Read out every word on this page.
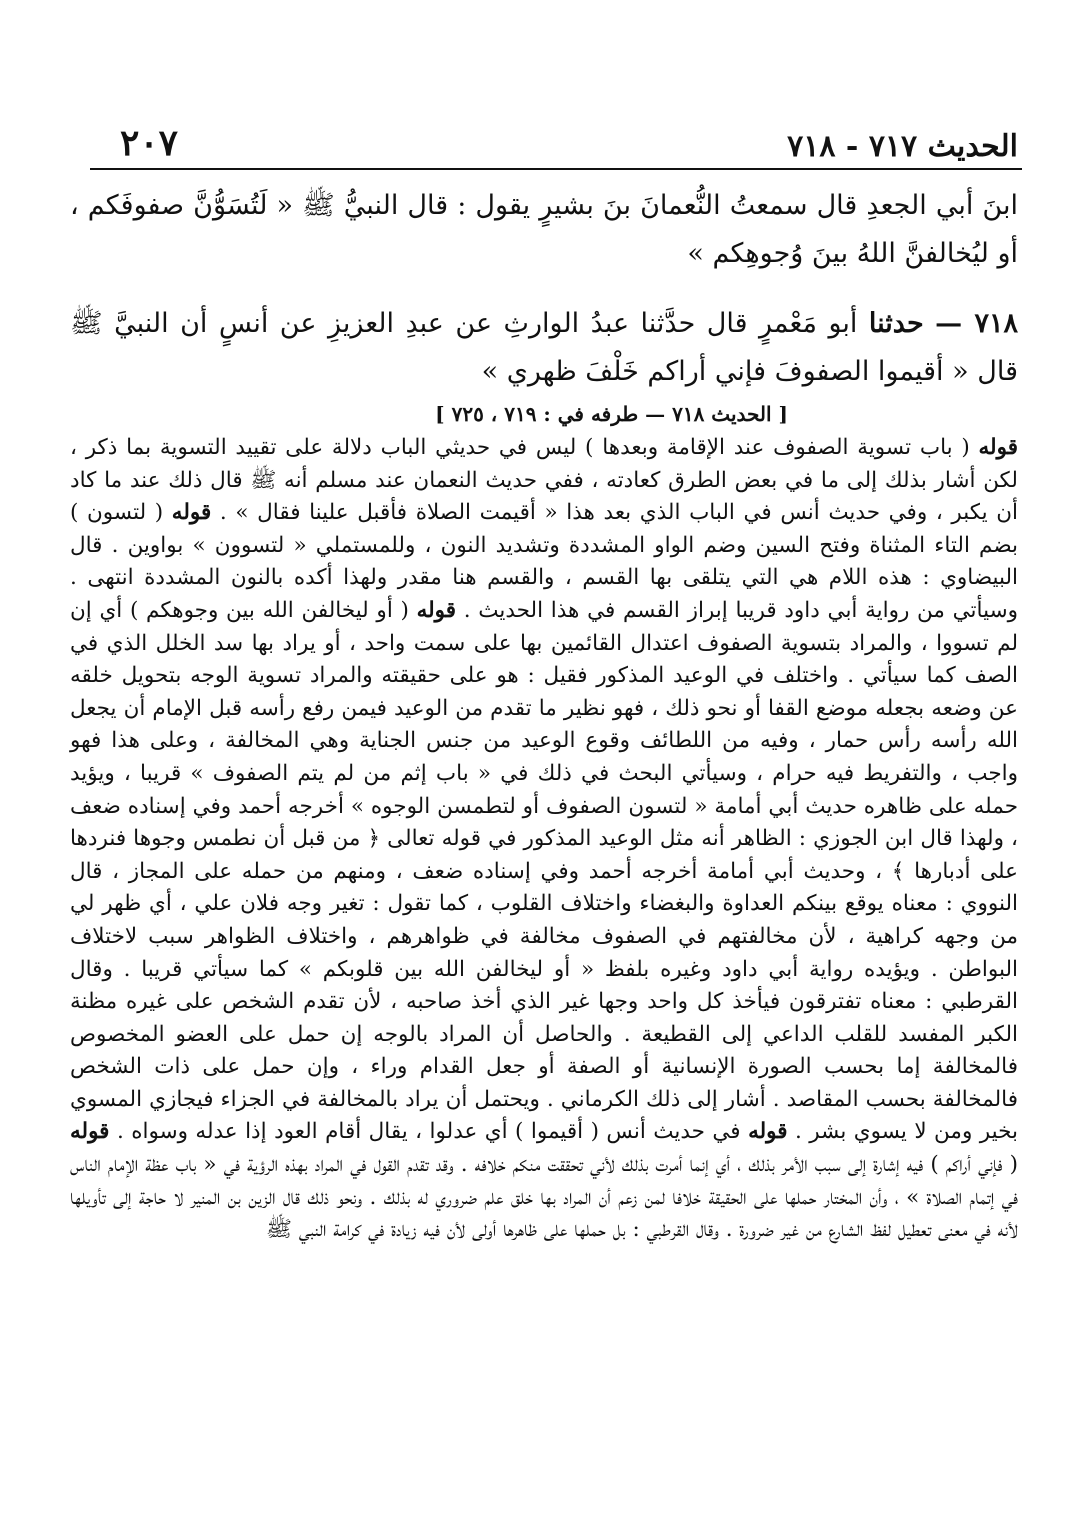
الحديث ٧١٧ - ٧١٨
٢٠٧
ابنَ أبي الجعدِ قال سمعتُ النُّعمانَ بنَ بشيرٍ يقول : قال النبيُّ ﷺ « لَتُسَوُّنَّ صفوفَكم ، أو ليُخالفنَّ اللهُ بينَ وُجوهِكم »
٧١٨ — حدثنا أبو مَعْمرٍ قال حدَّثنا عبدُ الوارثِ عن عبدِ العزيزِ عن أنسٍ أن النبيَّ ﷺ قال « أقيموا الصفوفَ فإني أراكم خَلْفَ ظهري »
[ الحديث ٧١٨ — طرفه في : ٧١٩ ، ٧٢٥ ]

قوله ( باب تسوية الصفوف عند الإقامة وبعدها ) ليس في حديثي الباب دلالة على تقييد التسوية بما ذكر ، لكن أشار بذلك إلى ما في بعض الطرق كعادته ، ففي حديث النعمان عند مسلم أنه ﷺ قال ذلك عند ما كاد أن يكبر ، وفي حديث أنس في الباب الذي بعد هذا « أقيمت الصلاة فأقبل علينا فقال » . قوله ( لتسون ) بضم التاء المثناة وفتح السين وضم الواو المشددة وتشديد النون ، وللمستملي « لتسوون » بواوين . قال البيضاوي : هذه اللام هي التي يتلقى بها القسم ، والقسم هنا مقدر ولهذا أكده بالنون المشددة انتهى . وسيأتي من رواية أبي داود قريبا إبراز القسم في هذا الحديث . قوله ( أو ليخالفن الله بين وجوهكم ) أي إن لم تسووا ، والمراد بتسوية الصفوف اعتدال القائمين بها على سمت واحد ، أو يراد بها سد الخلل الذي في الصف كما سيأتي . واختلف في الوعيد المذكور فقيل : هو على حقيقته والمراد تسوية الوجه بتحويل خلقه عن وضعه بجعله موضع القفا أو نحو ذلك ، فهو نظير ما تقدم من الوعيد فيمن رفع رأسه قبل الإمام أن يجعل الله رأسه رأس حمار ، وفيه من اللطائف وقوع الوعيد من جنس الجناية وهي المخالفة ، وعلى هذا فهو واجب ، والتفريط فيه حرام ، وسيأتي البحث في ذلك في « باب إثم من لم يتم الصفوف » قريبا ، ويؤيد حمله على ظاهره حديث أبي أمامة « لتسون الصفوف أو لتطمسن الوجوه » أخرجه أحمد وفي إسناده ضعف ، ولهذا قال ابن الجوزي : الظاهر أنه مثل الوعيد المذكور في قوله تعالى ﴿ من قبل أن نطمس وجوها فنردها على أدبارها ﴾ ، وحديث أبي أمامة أخرجه أحمد وفي إسناده ضعف ، ومنهم من حمله على المجاز ، قال النووي : معناه يوقع بينكم العداوة والبغضاء واختلاف القلوب ، كما تقول : تغير وجه فلان علي ، أي ظهر لي من وجهه كراهية ، لأن مخالفتهم في الصفوف مخالفة في ظواهرهم ، واختلاف الظواهر سبب لاختلاف البواطن . ويؤيده رواية أبي داود وغيره بلفظ « أو ليخالفن الله بين قلوبكم » كما سيأتي قريبا . وقال القرطبي : معناه تفترقون فيأخذ كل واحد وجها غير الذي أخذ صاحبه ، لأن تقدم الشخص على غيره مظنة الكبر المفسد للقلب الداعي إلى القطيعة . والحاصل أن المراد بالوجه إن حمل على العضو المخصوص فالمخالفة إما بحسب الصورة الإنسانية أو الصفة أو جعل القدام وراء ، وإن حمل على ذات الشخص فالمخالفة بحسب المقاصد . أشار إلى ذلك الكرماني . ويحتمل أن يراد بالمخالفة في الجزاء فيجازي المسوي بخير ومن لا يسوي بشر . قوله في حديث أنس ( أقيموا ) أي عدلوا ، يقال أقام العود إذا عدله وسواه . قوله ( فإني أراكم ) فيه إشارة إلى سبب الأمر بذلك ، أي إنما أمرت بذلك لأني تحققت منكم خلافه . وقد تقدم القول في المراد بهذه الرؤية في « باب عظة الإمام الناس في إتمام الصلاة » ، وأن المختار حملها على الحقيقة خلافا لمن زعم أن المراد بها خلق علم ضروري له بذلك . ونحو ذلك قال الزين بن المنير لا حاجة إلى تأويلها لأنه في معنى تعطيل لفظ الشارع من غير ضرورة . وقال القرطبي : بل حملها على ظاهرها أولى لأن فيه زيادة في كرامة النبي ﷺ
